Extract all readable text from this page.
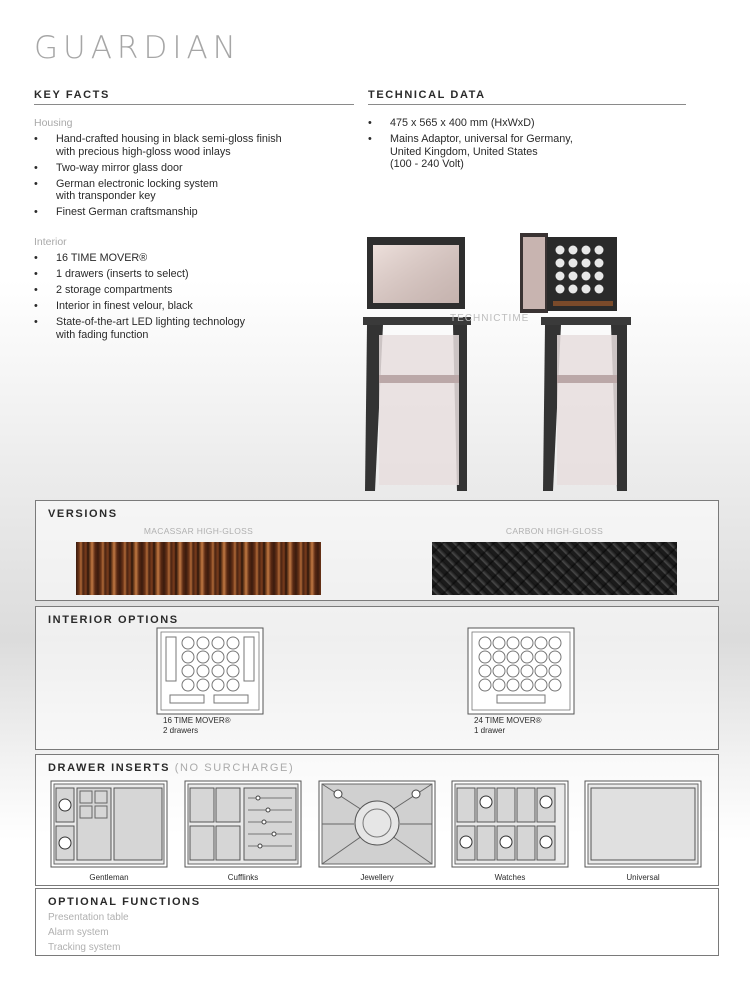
GUARDIAN
KEY FACTS
Housing
• Hand-crafted housing in black semi-gloss finish
with precious high-gloss wood inlays
• Two-way mirror glass door
• German electronic locking system
with transponder key
• Finest German craftsmanship
Interior
• 16 TIME MOVER®
• 1 drawers (inserts to select)
• 2 storage compartments
• Interior in finest velour, black
• State-of-the-art LED lighting technology
with fading function
TECHNICAL DATA
• 475 x 565 x 400 mm (HxWxD)
• Mains Adaptor, universal for Germany,
United Kingdom, United States
(100 - 240 Volt)
TECHNICTIME
VERSIONS
MACASSAR HIGH-GLOSS	CARBON HIGH-GLOSS
INTERIOR OPTIONS
16 TIME MOVER®
2 drawers
24 TIME MOVER®
1 drawer
DRAWER INSERTS (NO SURCHARGE)
Gentleman	Cufflinks	Jewellery	Watches	Universal
OPTIONAL FUNCTIONS
Presentation table
Alarm system
Tracking system
